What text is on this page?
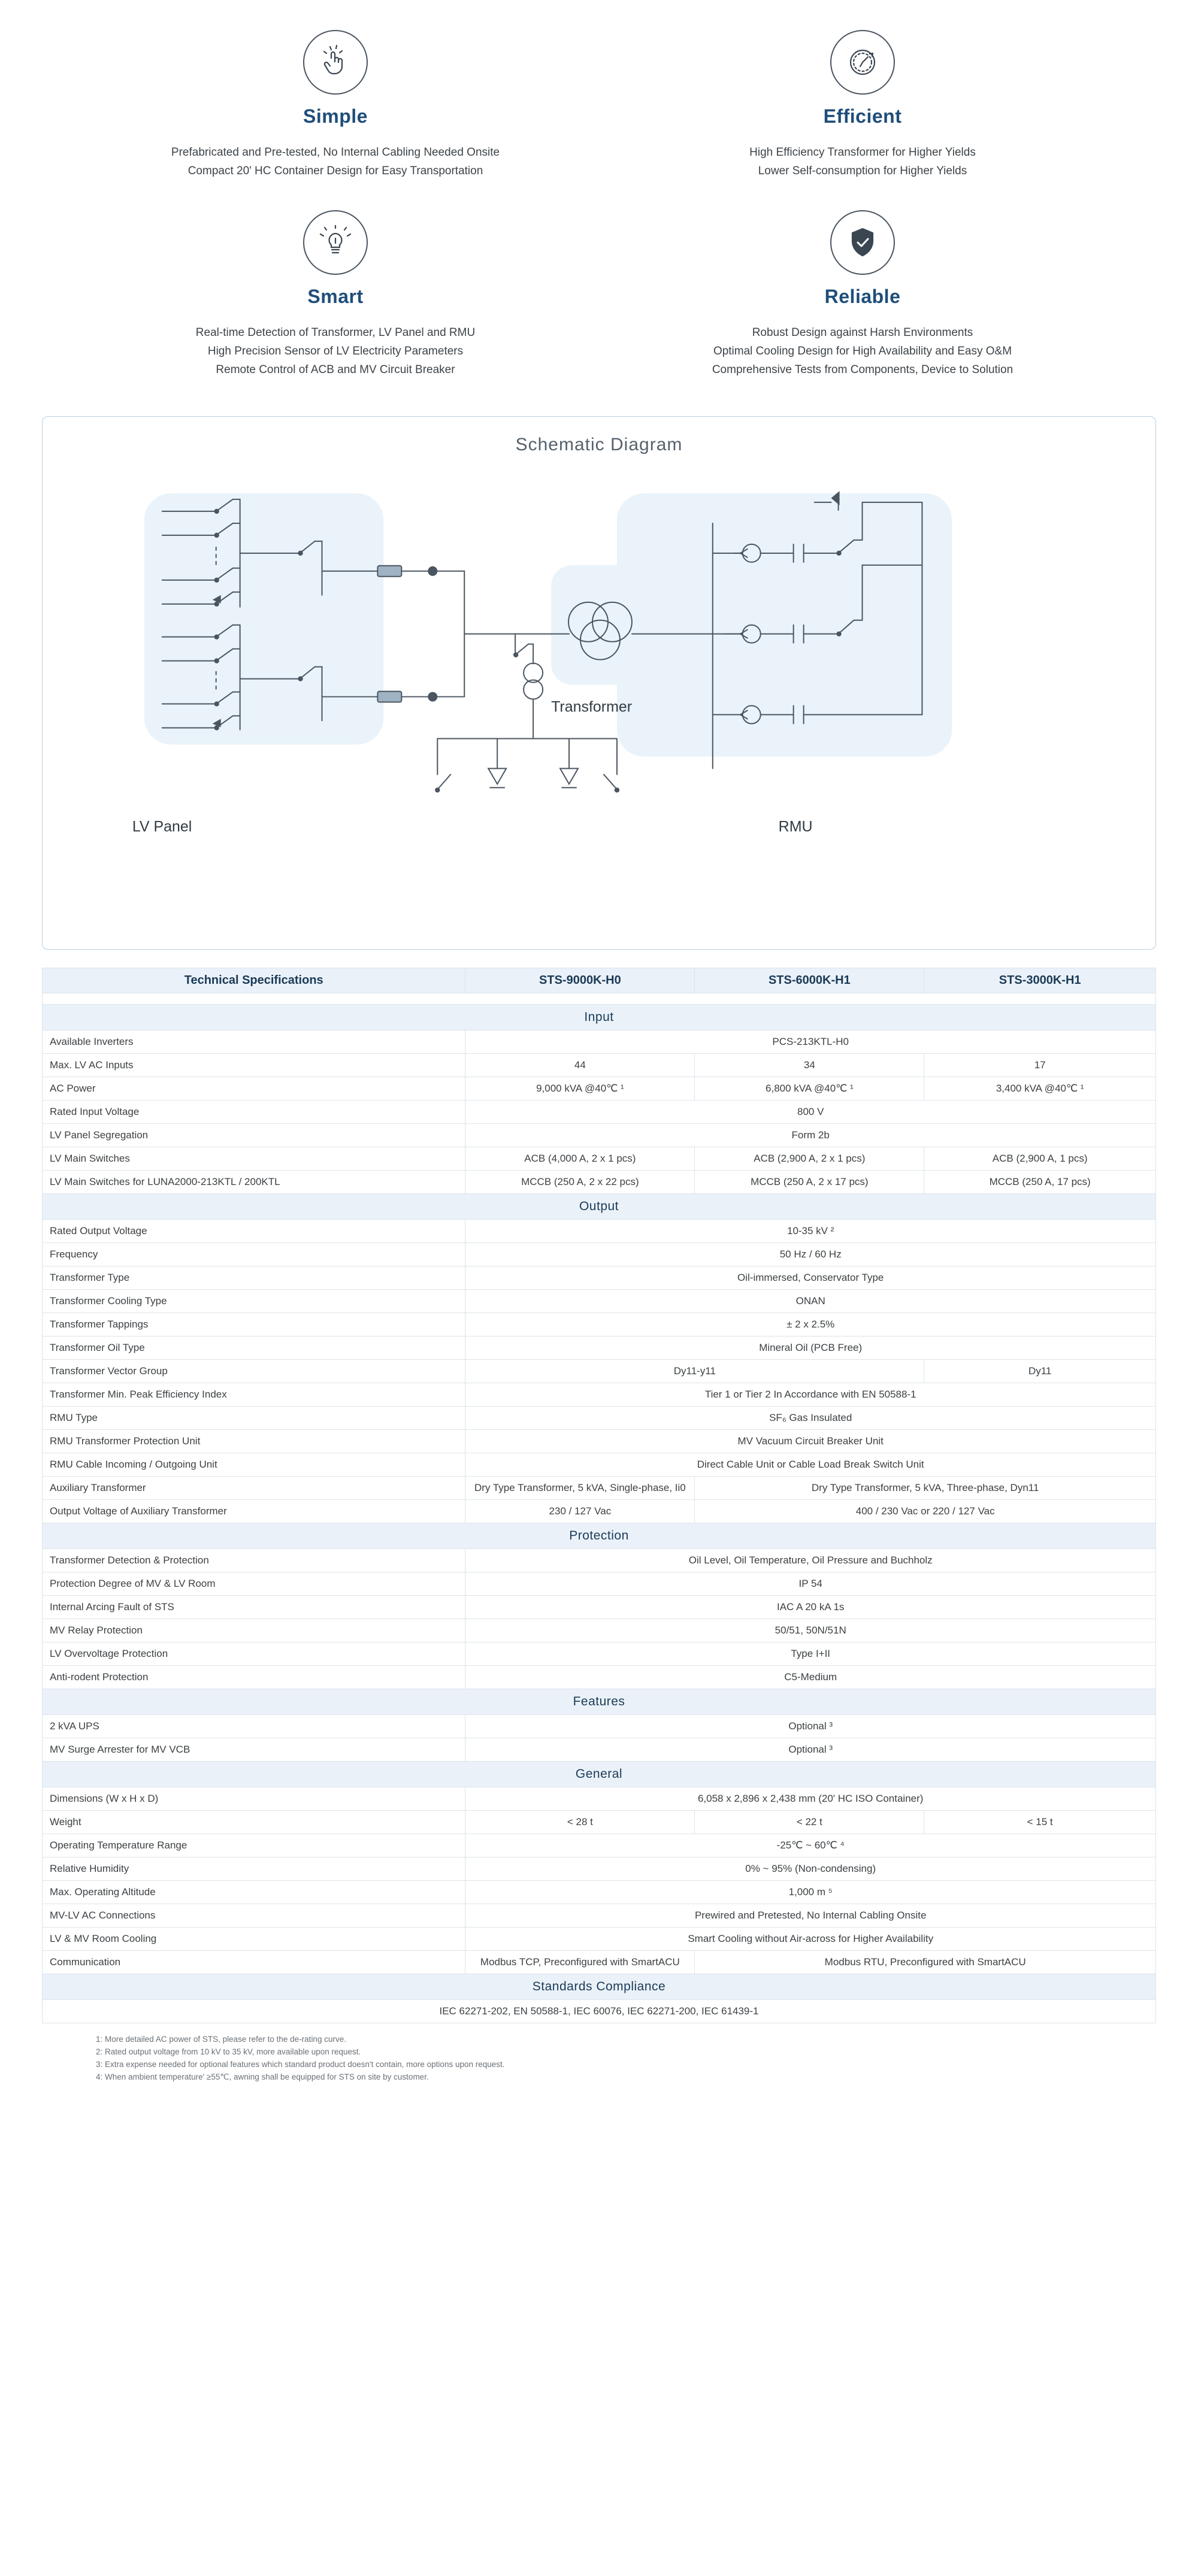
Simple
Prefabricated and Pre-tested, No Internal Cabling Needed Onsite
Compact 20' HC Container Design for Easy Transportation
Efficient
High Efficiency Transformer for Higher Yields
Lower Self-consumption for Higher Yields
Smart
Real-time Detection of Transformer, LV Panel and RMU
High Precision Sensor of LV Electricity Parameters
Remote Control of ACB and MV Circuit Breaker
Reliable
Robust Design against Harsh Environments
Optimal Cooling Design for High Availability and Easy O&M
Comprehensive Tests from Components, Device to Solution
Schematic Diagram
LV Panel
Transformer
RMU
Technical Specifications	STS-9000K-H0	STS-6000K-H1	STS-3000K-H1

Input			
Available Inverters	PCS-213KTL-H0		
Max. LV AC Inputs	44	34	17
AC Power	9,000 kVA @40℃ ¹	6,800 kVA @40℃ ¹	3,400 kVA @40℃ ¹
Rated Input Voltage	800 V		
LV Panel Segregation	Form 2b		
LV Main Switches	ACB (4,000 A, 2 x 1 pcs)	ACB (2,900 A, 2 x 1 pcs)	ACB (2,900 A, 1 pcs)
LV Main Switches for LUNA2000-213KTL / 200KTL	MCCB (250 A, 2 x 22 pcs)	MCCB (250 A, 2 x 17 pcs)	MCCB (250 A, 17 pcs)
Output			
Rated Output Voltage	10-35 kV ²		
Frequency	50 Hz / 60 Hz		
Transformer Type	Oil-immersed, Conservator Type		
Transformer Cooling Type	ONAN		
Transformer Tappings	± 2 x 2.5%		
Transformer Oil Type	Mineral Oil (PCB Free)		
Transformer Vector Group	Dy11-y11		Dy11
Transformer Min. Peak Efficiency Index	Tier 1 or Tier 2 In Accordance with EN 50588-1		
RMU Type	SF₆ Gas Insulated		
RMU Transformer Protection Unit	MV Vacuum Circuit Breaker Unit		
RMU Cable Incoming / Outgoing Unit	Direct Cable Unit or Cable Load Break Switch Unit		
Auxiliary Transformer	Dry Type Transformer, 5 kVA, Single-phase, Ii0	Dry Type Transformer, 5 kVA, Three-phase, Dyn11	
Output Voltage of Auxiliary Transformer	230 / 127 Vac	400 / 230 Vac or 220 / 127 Vac	
Protection			
Transformer Detection & Protection	Oil Level, Oil Temperature, Oil Pressure and Buchholz		
Protection Degree of MV & LV Room	IP 54		
Internal Arcing Fault of STS	IAC A 20 kA 1s		
MV Relay Protection	50/51, 50N/51N		
LV Overvoltage Protection	Type I+II		
Anti-rodent Protection	C5-Medium		
Features			
2 kVA UPS	Optional ³		
MV Surge Arrester for MV VCB	Optional ³		
General			
Dimensions (W x H x D)	6,058 x 2,896 x 2,438 mm (20' HC ISO Container)		
Weight	< 28 t	< 22 t	< 15 t
Operating Temperature Range	-25℃ ~ 60℃ ⁴		
Relative Humidity	0% ~ 95% (Non-condensing)		
Max. Operating Altitude	1,000 m ⁵		
MV-LV AC Connections	Prewired and Pretested, No Internal Cabling Onsite		
LV & MV Room Cooling	Smart Cooling without Air-across for Higher Availability		
Communication	Modbus TCP, Preconfigured with SmartACU	Modbus RTU, Preconfigured with SmartACU	
Standards Compliance			
IEC 62271-202, EN 50588-1, IEC 60076, IEC 62271-200, IEC 61439-1			
1: More detailed AC power of STS, please refer to the de-rating curve.
2: Rated output voltage from 10 kV to 35 kV, more available upon request.
3: Extra expense needed for optional features which standard product doesn't contain, more options upon request.
4: When ambient temperature' ≥55℃, awning shall be equipped for STS on site by customer.
